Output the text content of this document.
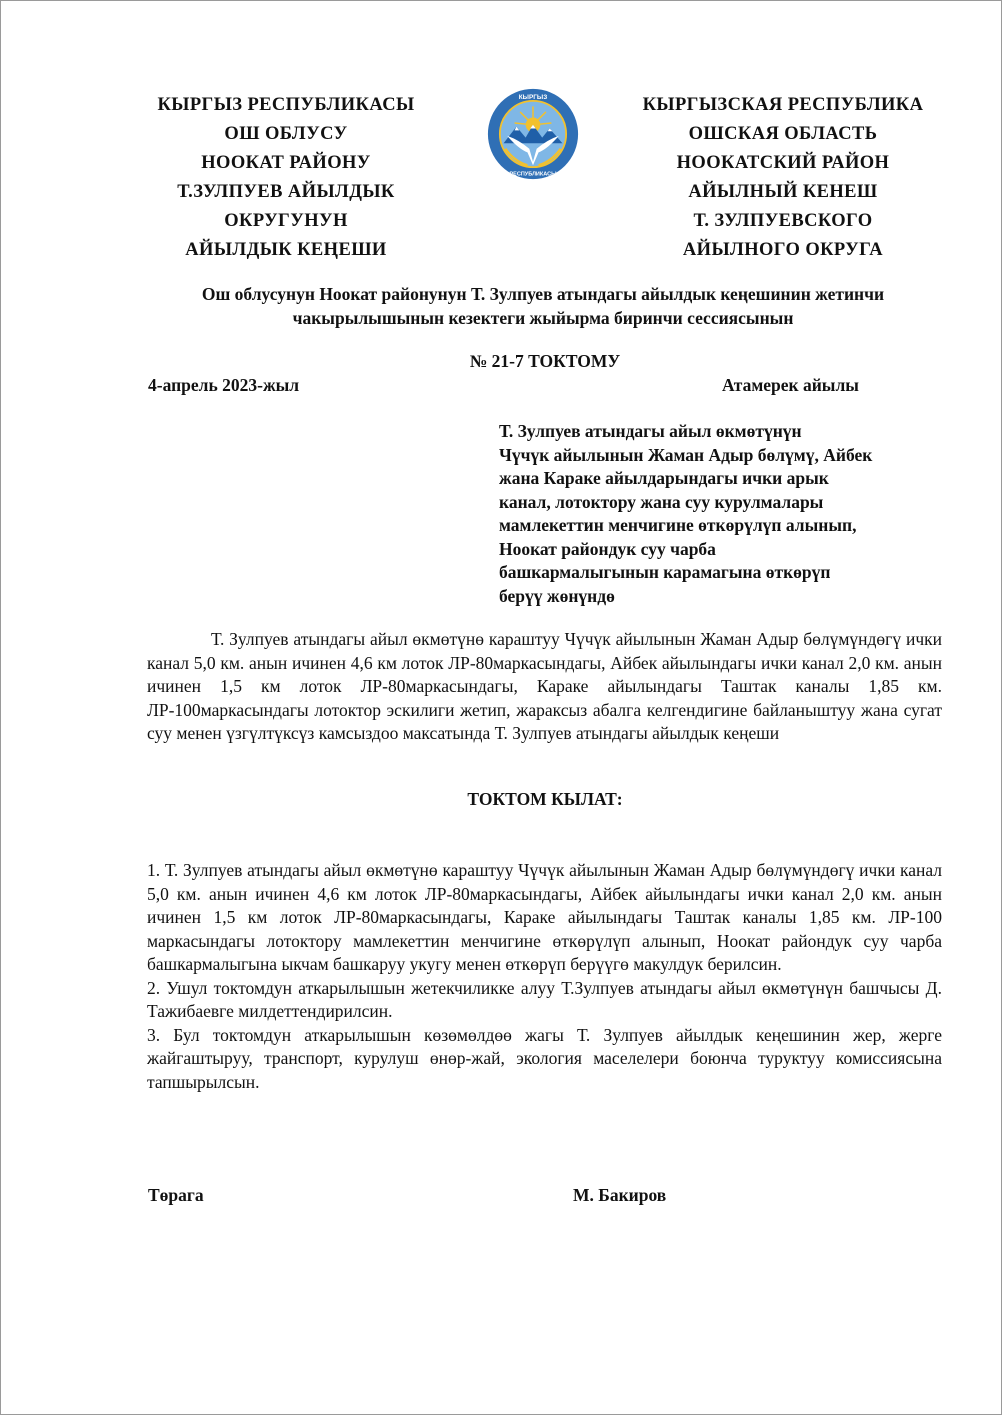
КЫРГЫЗ РЕСПУБЛИКАСЫ
ОШ ОБЛУСУ
НООКАТ РАЙОНУ
Т.ЗУЛПУЕВ АЙЫЛДЫК
ОКРУГУНУН
АЙЫЛДЫК КЕҢЕШИ
КЫРГЫЗ
РЕСПУБЛИКАСЫ
КЫРГЫЗСКАЯ РЕСПУБЛИКА
ОШСКАЯ ОБЛАСТЬ
НООКАТСКИЙ РАЙОН
АЙЫЛНЫЙ КЕНЕШ
Т. ЗУЛПУЕВСКОГО
АЙЫЛНОГО ОКРУГА
Ош облусунун Ноокат районунун Т. Зулпуев атындагы айылдык кеңешинин жетинчи чакырылышынын кезектеги жыйырма биринчи сессиясынын
№ 21-7 ТОКТОМУ
4-апрель 2023-жыл	Атамерек айылы
Т. Зулпуев атындагы айыл өкмөтүнүн
Чүчүк айылынын Жаман Адыр бөлүмү, Айбек
жана Караке айылдарындагы ички арык
канал, лотоктору жана суу курулмалары
мамлекеттин менчигине өткөрүлүп алынып,
Ноокат райондук суу чарба
башкармалыгынын карамагына өткөрүп
берүү жөнүндө
Т. Зулпуев атындагы айыл өкмөтүнө караштуу Чүчүк айылынын Жаман Адыр бөлүмүндөгү ички канал 5,0 км. анын ичинен 4,6 км лоток ЛР-80маркасындагы, Айбек айылындагы ички канал 2,0 км. анын ичинен 1,5 км лоток ЛР-80маркасындагы, Караке айылындагы Таштак каналы 1,85 км. ЛР-100маркасындагы лотоктор эскилиги жетип, жараксыз абалга келгендигине байланыштуу жана сугат суу менен үзгүлтүксүз камсыздоо максатында Т. Зулпуев атындагы айылдык кеңеши
ТОКТОМ КЫЛАТ:

1. Т. Зулпуев атындагы айыл өкмөтүнө караштуу Чүчүк айылынын Жаман Адыр бөлүмүндөгү ички канал 5,0 км. анын ичинен 4,6 км лоток ЛР-80маркасындагы, Айбек айылындагы ички канал 2,0 км. анын ичинен 1,5 км лоток ЛР-80маркасындагы, Караке айылындагы Таштак каналы 1,85 км. ЛР-100 маркасындагы лотоктору мамлекеттин менчигине өткөрүлүп алынып, Ноокат райондук суу чарба башкармалыгына ыкчам башкаруу укугу менен өткөрүп берүүгө макулдук берилсин.

2. Ушул токтомдун аткарылышын жетекчиликке алуу Т.Зулпуев атындагы айыл өкмөтүнүн башчысы Д. Тажибаевге милдеттендирилсин.

3. Бул токтомдун аткарылышын көзөмөлдөө жагы Т. Зулпуев айылдык кеңешинин жер, жерге жайгаштыруу, транспорт, курулуш өнөр-жай, экология маселелери боюнча туруктуу комиссиясына тапшырылсын.

Төрага	М. Бакиров
